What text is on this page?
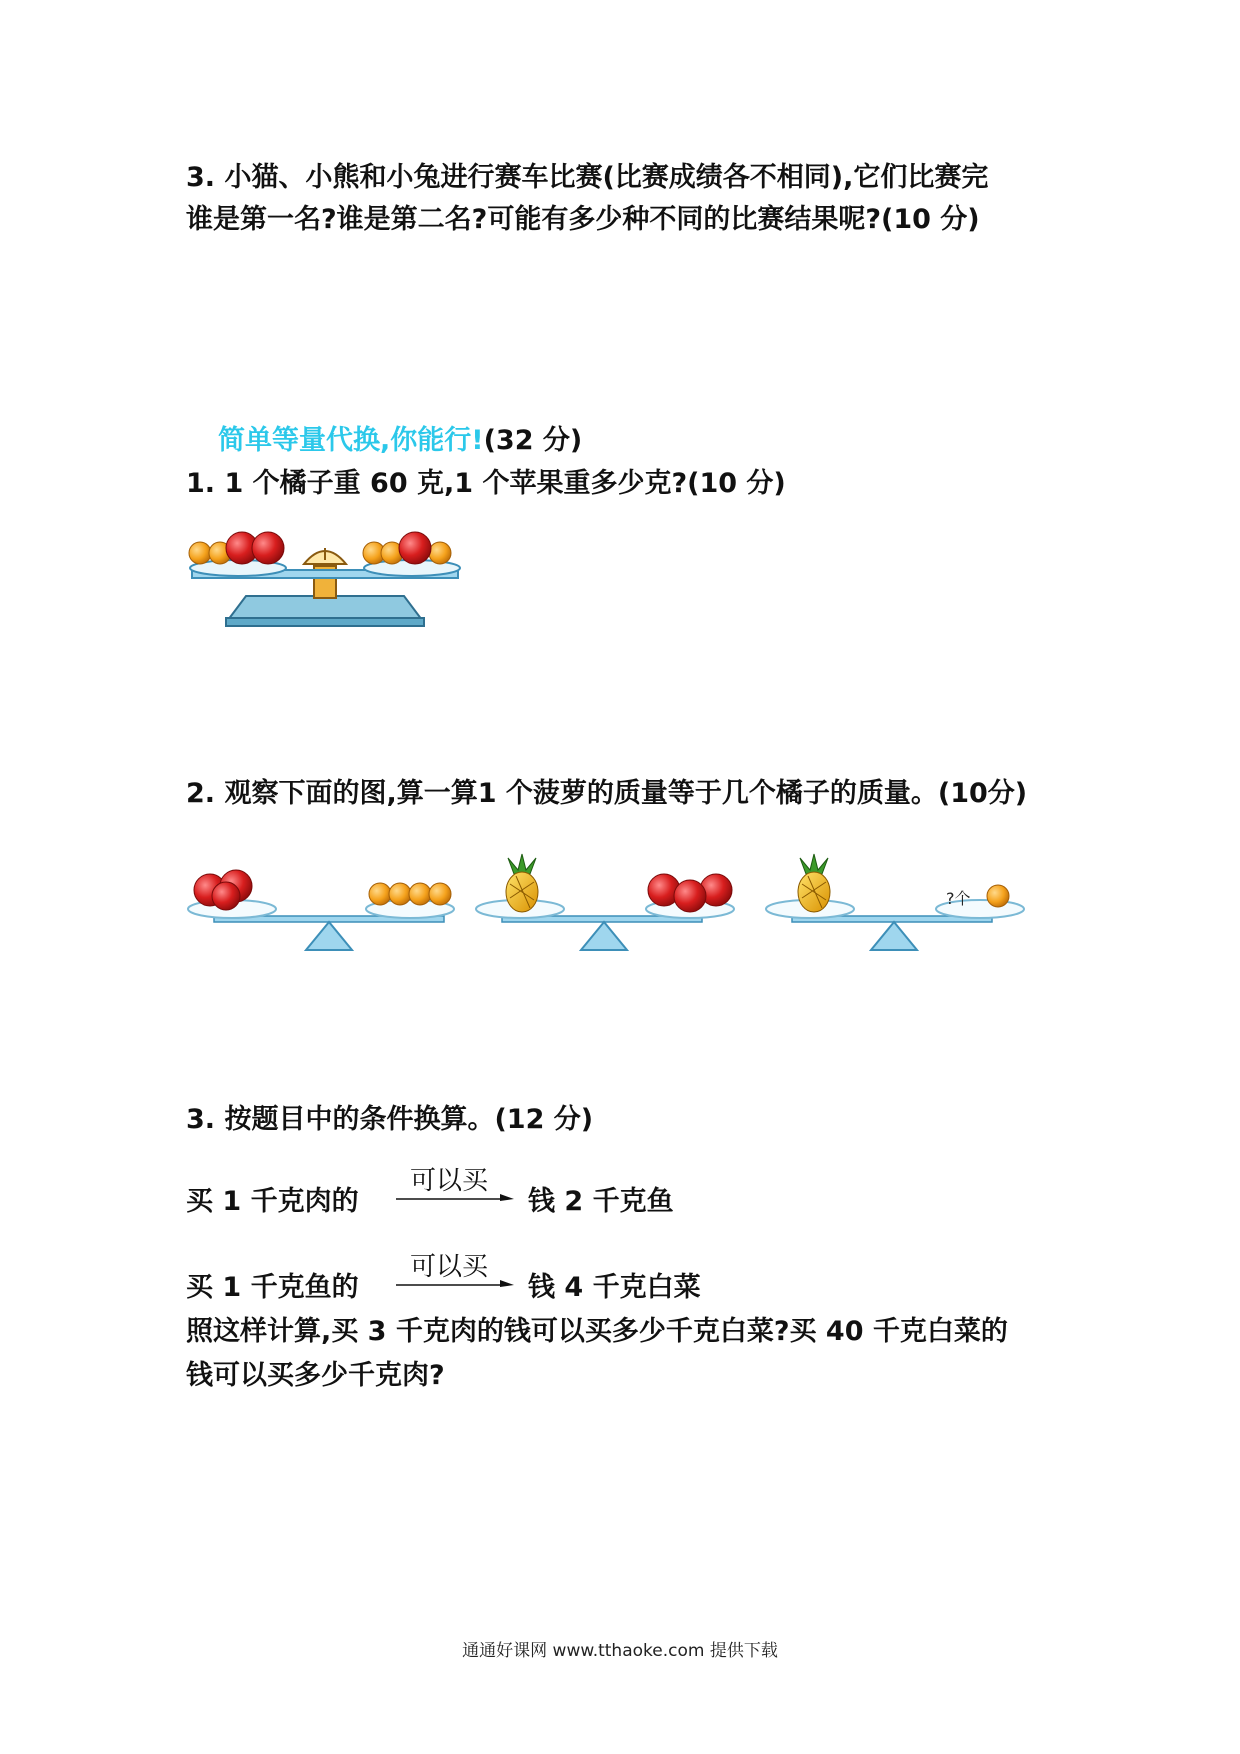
3. 小猫、小熊和小兔进行赛车比赛(比赛成绩各不相同),它们比赛完
谁是第一名?谁是第二名?可能有多少种不同的比赛结果呢?(10 分)
简单等量代换,你能行!(32 分)
1. 1 个橘子重 60 克,1 个苹果重多少克?(10 分)
2. 观察下面的图,算一算1 个菠萝的质量等于几个橘子的质量。(10分)
?个
3. 按题目中的条件换算。(12 分)
买 1 千克肉的
可以买
钱 2 千克鱼
买 1 千克鱼的
可以买
钱 4 千克白菜
照这样计算,买 3 千克肉的钱可以买多少千克白菜?买 40 千克白菜的
钱可以买多少千克肉?
通通好课网 www.tthaoke.com 提供下载
